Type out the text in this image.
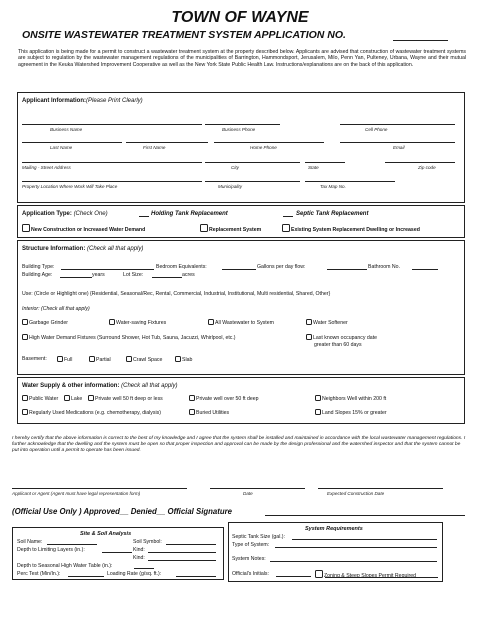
TOWN OF WAYNE
ONSITE WASTEWATER TREATMENT SYSTEM APPLICATION NO.
This application is being made for a permit to construct a wastewater treatment system at the property described below. Applicants are advised that construction of wastewater treatment systems are subject to regulation by the wastewater management regulations of the municipalities of Barrington, Hammondsport, Jerusalem, Milo, Penn Yan, Pulteney, Urbana, Wayne and their mutual agreement in the Keuka Watershed Improvement Cooperative as well as the New York State Public Health Law. Instructions/explanations are on the back of this application.
Applicant Information:(Please Print Clearly)
Business Name	Business Phone	Cell Phone
Last Name	First Name	Home Phone	Email
Mailing - Street Address	City	State	Zip code
Property Location Where Work Will Take Place	Municipality	Tax Map No.
Application Type: (Check One)	Holding Tank Replacement	Septic Tank Replacement
New Construction or Increased Water Demand	Replacement System	Existing System Replacement Dwelling or Increased
Structure Information: (Check all that apply)
Building Type:	Bedroom Equivalents:	Gallons per day flow:	Bathroom No.
Building Age:	years	Lot Size:	acres
Use: (Circle or Highlight one) {Residential, Seasonal/Rec, Rental, Commercial, Industrial, Institutional, Multi residential, Shared, Other}
Interior: (Check all that apply)
Garbage Grinder	Water-saving Fixtures	All Wastewater to System	Water Softener
High Water Demand Fixtures (Surround Shower, Hot Tub, Sauna, Jacuzzi, Whirlpool, etc.)	Last known occupancy date
greater than 60 days
Basement:	Full	Partial	Crawl Space	Slab
Water Supply & other information: (Check all that apply)
Public Water	Lake	Private well 50 ft deep or less	Private well over 50 ft deep	Neighbors Well within 200 ft
Regularly Used Medications (e.g. chemotherapy, dialysis)	Buried Utilities	Land Slopes 15% or greater
I hereby certify that the above information is correct to the best of my knowledge and I agree that the system shall be installed and maintained in accordance with the local wastewater management regulations. I further acknowledge that the dwelling and the system must be open so that proper inspection and approval can be made by the design professional and the watershed inspector and that the system cannot be put into operation until a permit to operate has been issued.
Applicant or Agent (Agent must have legal representation form)	Date	Expected Construction Date
(Official Use Only ) Approved__ Denied__ Official Signature
Site & Soil Analysis
Soil Name:	Soil Symbol:
Depth to Limiting Layers (in.):	Kind:
Kind:
Depth to Seasonal High Water Table (in.):
Perc Test (Min/In.):	Loading Rate (g/sq. ft.):
System Requirements
Septic Tank Size (gal.):
Type of System:
System Notes:
Official's Initials:	Zoning & Steep Slopes Permit Required
